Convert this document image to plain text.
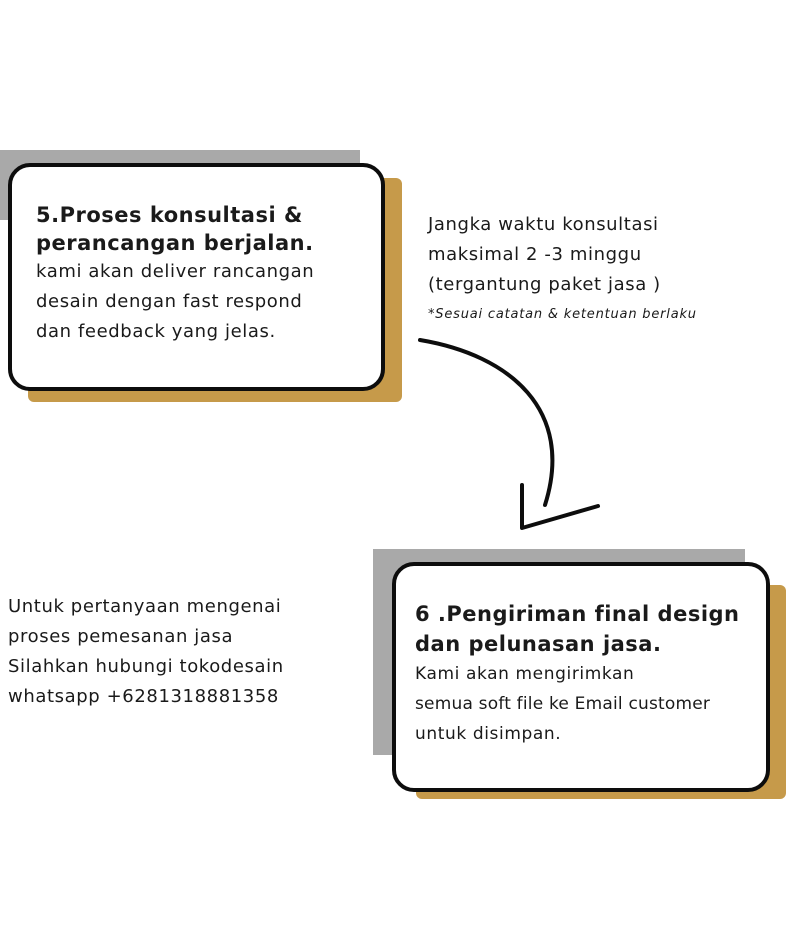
5.Proses konsultasi &
perancangan berjalan.

kami akan deliver rancangan
desain dengan fast respond
dan feedback yang jelas.

Jangka waktu konsultasi
maksimal 2 -3 minggu
(tergantung paket jasa )
*Sesuai catatan & ketentuan berlaku
Untuk pertanyaan mengenai
proses pemesanan jasa
Silahkan hubungi tokodesain
whatsapp +6281318881358

6 .Pengiriman final design
dan pelunasan jasa.

Kami akan mengirimkan
semua soft file ke Email customer
untuk disimpan.
